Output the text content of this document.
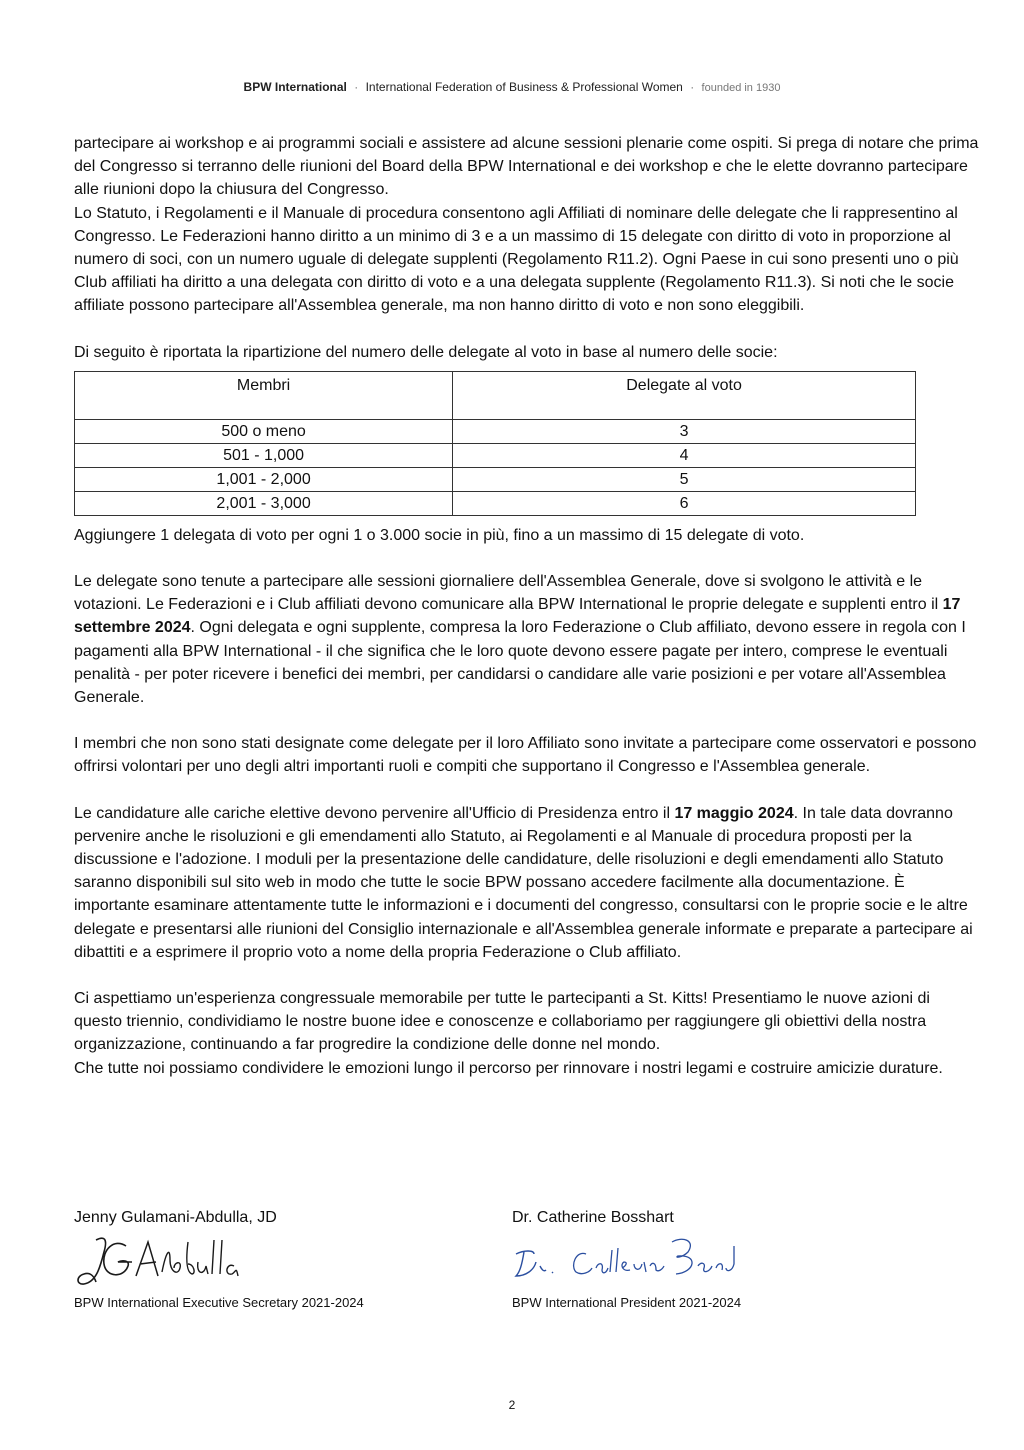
BPW International · International Federation of Business & Professional Women · founded in 1930

partecipare ai workshop e ai programmi sociali e assistere ad alcune sessioni plenarie come ospiti. Si prega di notare che prima del Congresso si terranno delle riunioni del Board della BPW International e dei workshop e che le elette dovranno partecipare alle riunioni dopo la chiusura del Congresso.

Lo Statuto, i Regolamenti e il Manuale di procedura consentono agli Affiliati di nominare delle delegate che li rappresentino al Congresso. Le Federazioni hanno diritto a un minimo di 3 e a un massimo di 15 delegate con diritto di voto in proporzione al numero di soci, con un numero uguale di delegate supplenti (Regolamento R11.2). Ogni Paese in cui sono presenti uno o più Club affiliati ha diritto a una delegata con diritto di voto e a una delegata supplente (Regolamento R11.3). Si noti che le socie affiliate possono partecipare all'Assemblea generale, ma non hanno diritto di voto e non sono eleggibili.

Di seguito è riportata la ripartizione del numero delle delegate al voto in base al numero delle socie:

Membri	Delegate al voto
500 o meno	3
501 - 1,000	4
1,001 - 2,000	5
2,001 - 3,000	6

Aggiungere 1 delegata di voto per ogni 1 o 3.000 socie in più, fino a un massimo di 15 delegate di voto.

Le delegate sono tenute a partecipare alle sessioni giornaliere dell'Assemblea Generale, dove si svolgono le attività e le votazioni. Le Federazioni e i Club affiliati devono comunicare alla BPW International le proprie delegate e supplenti entro il 17 settembre 2024. Ogni delegata e ogni supplente, compresa la loro Federazione o Club affiliato, devono essere in regola con I pagamenti alla BPW International - il che significa che le loro quote devono essere pagate per intero, comprese le eventuali penalità - per poter ricevere i benefici dei membri, per candidarsi o candidare alle varie posizioni e per votare all'Assemblea Generale.

I membri che non sono stati designate come delegate per il loro Affiliato sono invitate a partecipare come osservatori e possono offrirsi volontari per uno degli altri importanti ruoli e compiti che supportano il Congresso e l'Assemblea generale.

Le candidature alle cariche elettive devono pervenire all'Ufficio di Presidenza entro il 17 maggio 2024. In tale data dovranno pervenire anche le risoluzioni e gli emendamenti allo Statuto, ai Regolamenti e al Manuale di procedura proposti per la discussione e l'adozione. I moduli per la presentazione delle candidature, delle risoluzioni e degli emendamenti allo Statuto saranno disponibili sul sito web in modo che tutte le socie BPW possano accedere facilmente alla documentazione. È importante esaminare attentamente tutte le informazioni e i documenti del congresso, consultarsi con le proprie socie e le altre delegate e presentarsi alle riunioni del Consiglio internazionale e all'Assemblea generale informate e preparate a partecipare ai dibattiti e a esprimere il proprio voto a nome della propria Federazione o Club affiliato.

Ci aspettiamo un'esperienza congressuale memorabile per tutte le partecipanti a St. Kitts! Presentiamo le nuove azioni di questo triennio, condividiamo le nostre buone idee e conoscenze e collaboriamo per raggiungere gli obiettivi della nostra organizzazione, continuando a far progredire la condizione delle donne nel mondo.

Che tutte noi possiamo condividere le emozioni lungo il percorso per rinnovare i nostri legami e costruire amicizie durature.

Jenny Gulamani-Abdulla, JD
BPW International Executive Secretary 2021-2024
Dr. Catherine Bosshart
BPW International President 2021-2024
2
